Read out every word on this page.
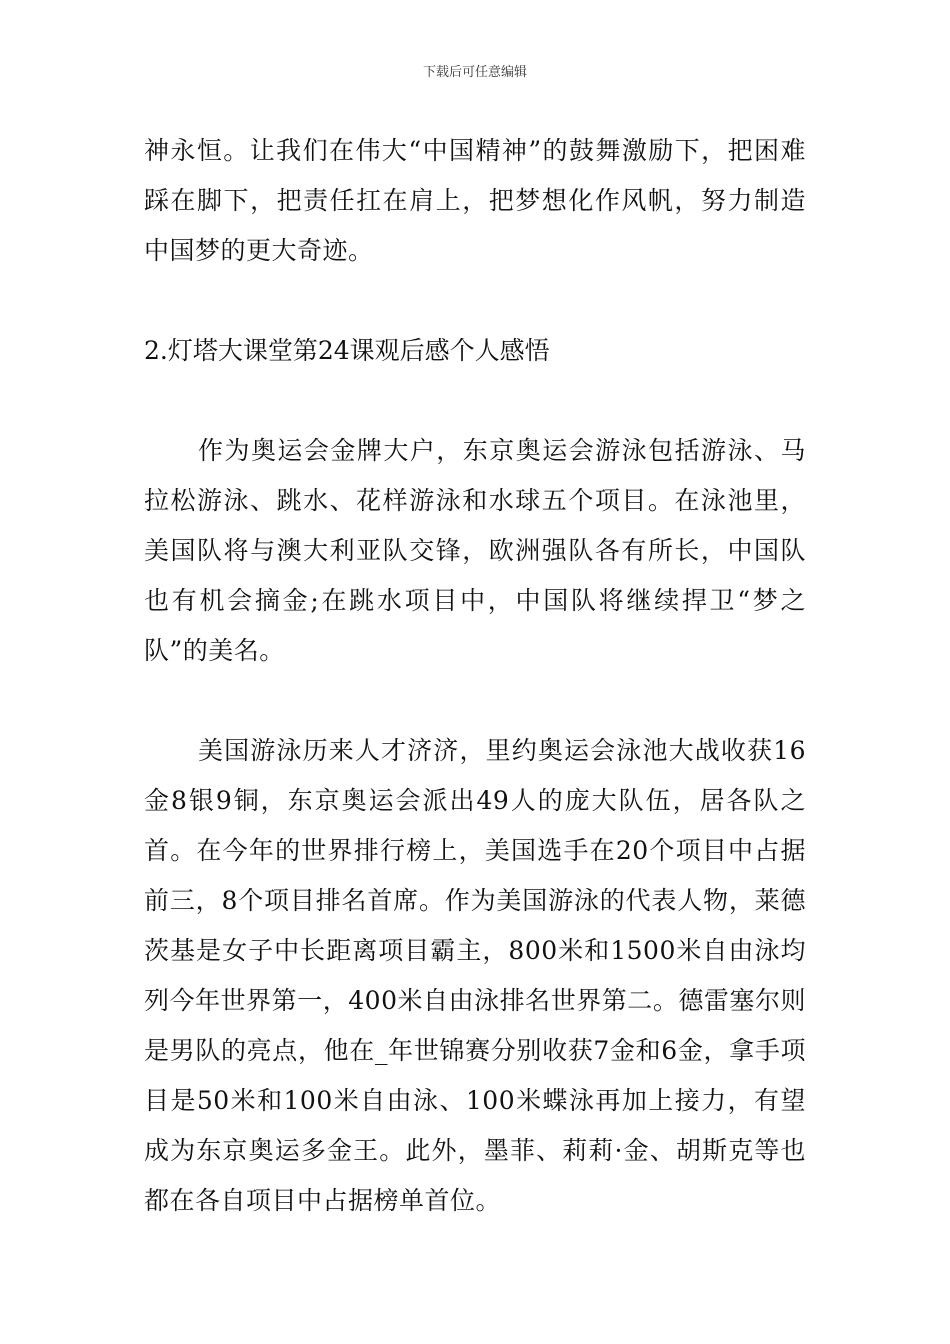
下载后可任意编辑

神永恒。让我们在伟大“中国精神”的鼓舞激励下，把困难踩在脚下，把责任扛在肩上，把梦想化作风帆，努力制造中国梦的更大奇迹。

2.灯塔大课堂第24课观后感个人感悟

作为奥运会金牌大户，东京奥运会游泳包括游泳、马拉松游泳、跳水、花样游泳和水球五个项目。在泳池里，美国队将与澳大利亚队交锋，欧洲强队各有所长，中国队也有机会摘金;在跳水项目中，中国队将继续捍卫“梦之队”的美名。

美国游泳历来人才济济，里约奥运会泳池大战收获16金8银9铜，东京奥运会派出49人的庞大队伍，居各队之首。在今年的世界排行榜上，美国选手在20个项目中占据前三，8个项目排名首席。作为美国游泳的代表人物，莱德茨基是女子中长距离项目霸主，800米和1500米自由泳均列今年世界第一，400米自由泳排名世界第二。德雷塞尔则是男队的亮点，他在_年世锦赛分别收获7金和6金，拿手项目是50米和100米自由泳、100米蝶泳再加上接力，有望成为东京奥运多金王。此外，墨菲、莉莉·金、胡斯克等也都在各自项目中占据榜单首位。
